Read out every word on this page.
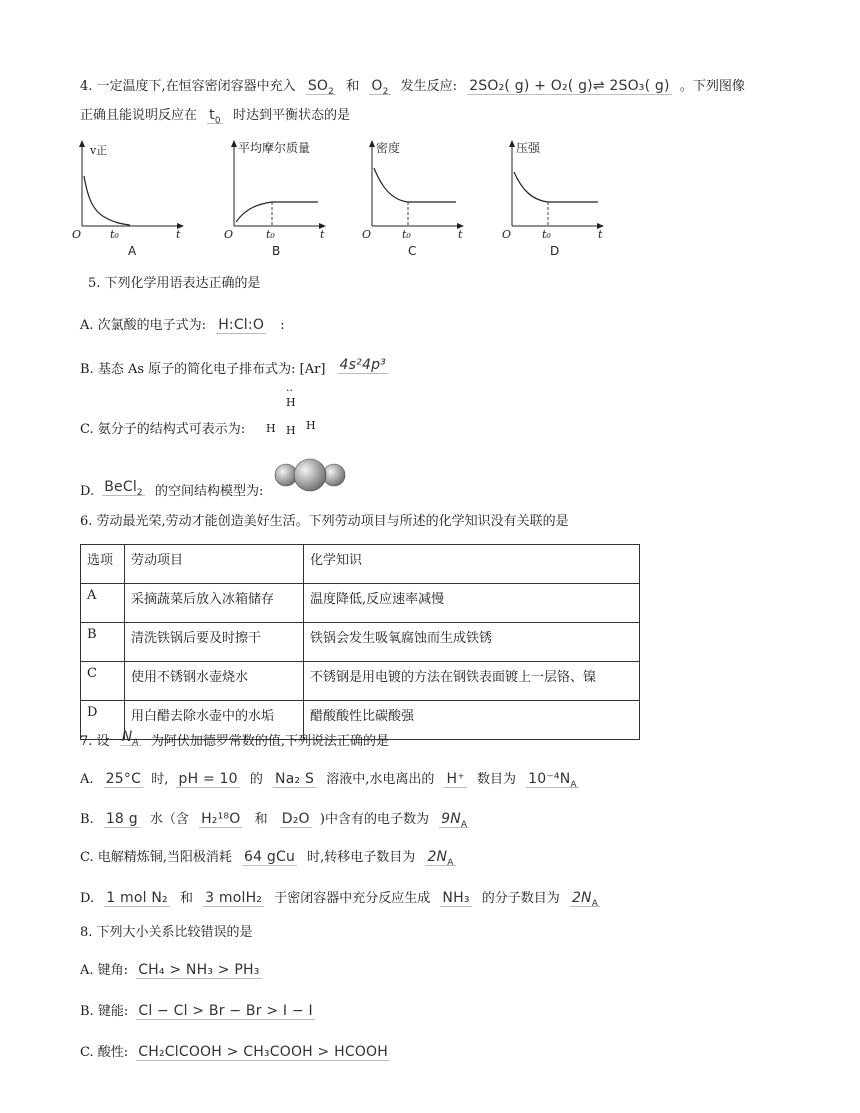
4. 一定温度下,在恒容密闭容器中充入 $SO_2$ 和 $O_2$ 发生反应: 2SO₂( g) + O₂( g)⇌ 2SO₃( g) 。下列图像
正确且能说明反应在 $t_0$ 时达到平衡状态的是
v正
O	t₀	t
A
平均摩尔质量
O	t₀	t
B
密度
O	t₀	t
C
压强
O	t₀	t
D
5. 下列化学用语表达正确的是
A. 次氯酸的电子式为: H:Cl:O :
B. 基态 As 原子的简化电子排布式为: [Ar] 4s²4p³
C. 氨分子的结构式可表示为:
··
H
H H H
D. BeCl$_2$ 的空间结构模型为:
6. 劳动最光荣,劳动才能创造美好生活。下列劳动项目与所述的化学知识没有关联的是
选项	劳动项目	化学知识
A	采摘蔬菜后放入冰箱储存	温度降低,反应速率减慢
B	清洗铁锅后要及时擦干	铁锅会发生吸氧腐蚀而生成铁锈
C	使用不锈钢水壶烧水	不锈钢是用电镀的方法在钢铁表面镀上一层铬、镍
D	用白醋去除水壶中的水垢	醋酸酸性比碳酸强
7. 设 $N_A$ 为阿伏加德罗常数的值,下列说法正确的是
A. 25°C 时, pH = 10 的 Na₂ S 溶液中,水电离出的 H⁺ 数目为 $10^{-4}N_A$
B. 18 g 水（含 H₂¹⁸O 和 D₂O )中含有的电子数为 $9N_A$
C. 电解精炼铜,当阳极消耗 64 gCu 时,转移电子数目为 $2N_A$
D. 1 mol N₂ 和 3 molH₂ 于密闭容器中充分反应生成 NH₃ 的分子数目为 $2N_A$
8. 下列大小关系比较错误的是
A. 键角: CH₄ > NH₃ > PH₃
B. 键能: Cl − Cl > Br − Br > I − I
C. 酸性: CH₂ClCOOH > CH₃COOH > HCOOH
